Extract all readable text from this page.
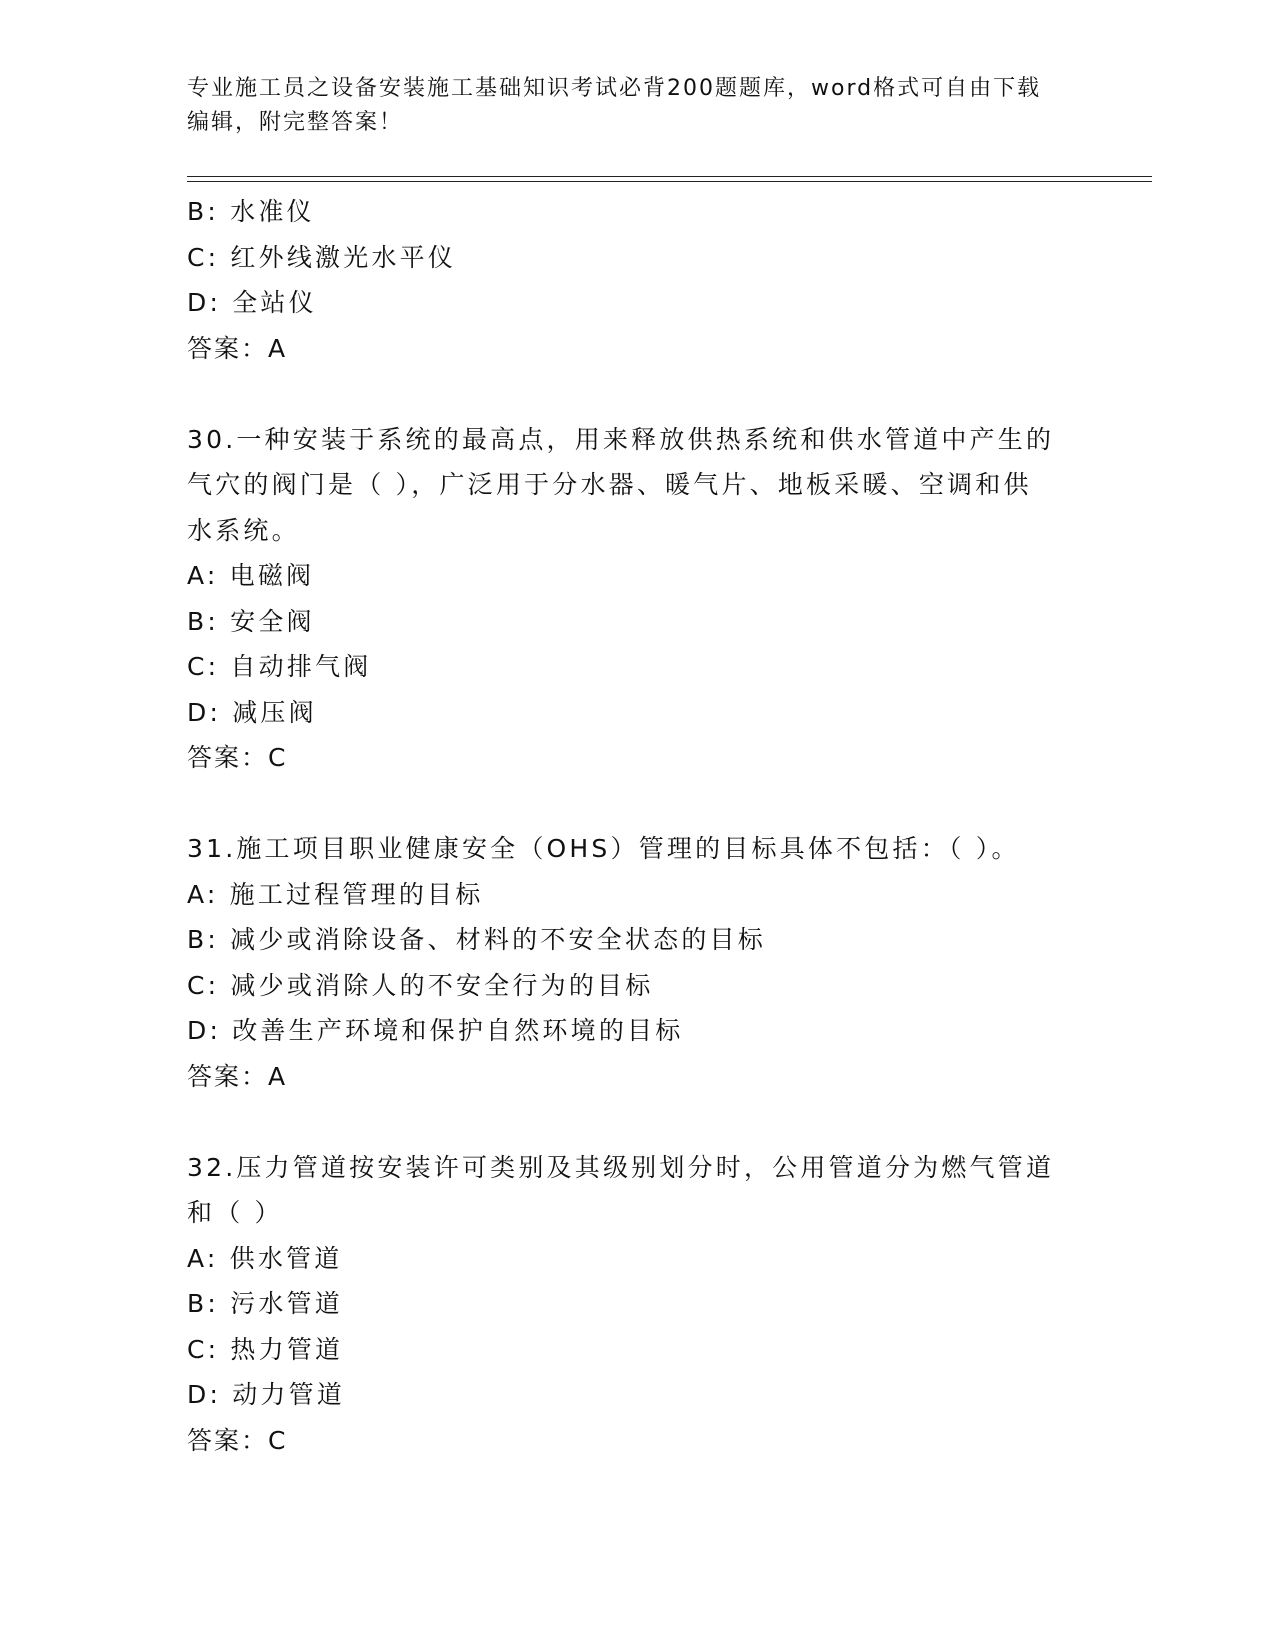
专业施工员之设备安装施工基础知识考试必背200题题库，word格式可自由下载
编辑，附完整答案！
B: 水准仪
C: 红外线激光水平仪
D: 全站仪
答案：A
30.一种安装于系统的最高点，用来释放供热系统和供水管道中产生的
气穴的阀门是（ ），广泛用于分水器、暖气片、地板采暖、空调和供
水系统。
A: 电磁阀
B: 安全阀
C: 自动排气阀
D: 减压阀
答案：C
31.施工项目职业健康安全（OHS）管理的目标具体不包括：（ ）。
A: 施工过程管理的目标
B: 减少或消除设备、材料的不安全状态的目标
C: 减少或消除人的不安全行为的目标
D: 改善生产环境和保护自然环境的目标
答案：A
32.压力管道按安装许可类别及其级别划分时，公用管道分为燃气管道
和（ ）
A: 供水管道
B: 污水管道
C: 热力管道
D: 动力管道
答案：C
